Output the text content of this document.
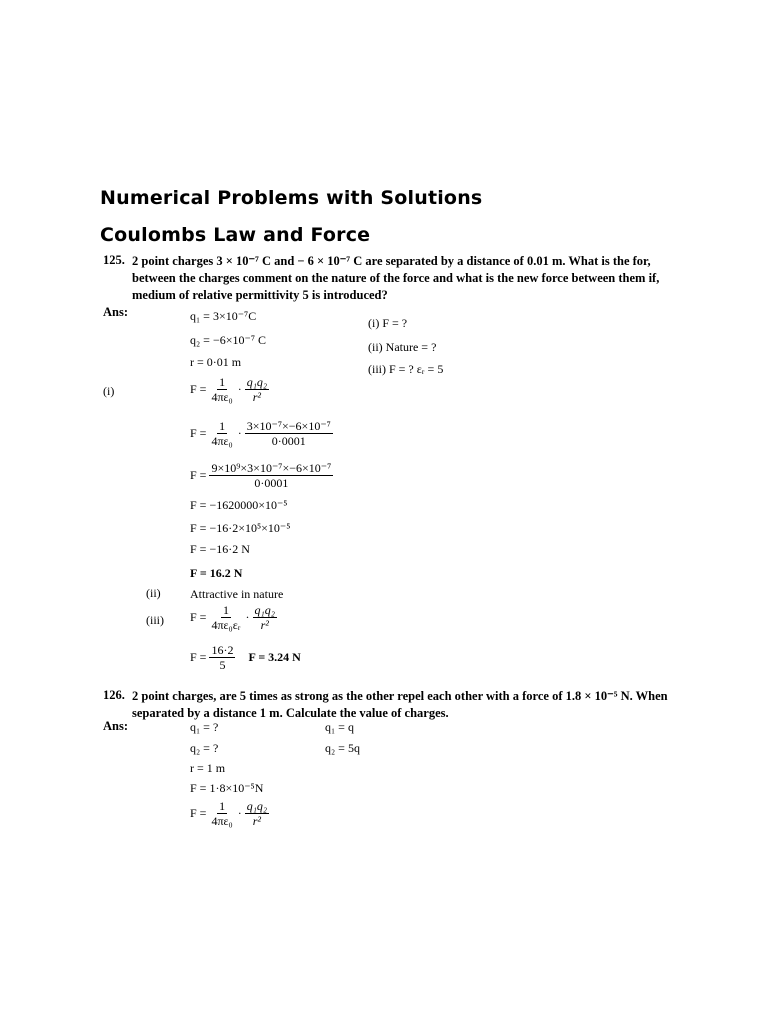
Numerical Problems with Solutions
Coulombs Law and Force
125. 2 point charges 3 × 10⁻⁷ C and − 6 × 10⁻⁷ C are separated by a distance of 0.01 m. What is the for,
between the charges comment on the nature of the force and what is the new force between them if,
medium of relative permittivity 5 is introduced?
Ans:	q₁ = 3×10⁻⁷C
q₂ = −6×10⁻⁷ C
r = 0·01 m
(i) F = ?
(ii) Nature = ?
(iii) F = ? εᵣ = 5
(i)	$F = \frac{1}{\text{4πε₀}} \cdot \frac{\text{q₁q₂}}{\text{r²}}$
$F = \frac{1}{\text{4πε₀}} \cdot \frac{\text{3×10⁻⁷×−6×10⁻⁷}}{0\cdot 0001}$
$F = \frac{\text{9×10⁹×3×10⁻⁷×−6×10⁻⁷}}{0\cdot 0001}$
F = −1620000×10⁻⁵
F = −16·2×10⁵×10⁻⁵
F = −16·2 N
F = 16.2 N
(ii) Attractive in nature
(iii) $F = \frac{1}{\text{4πε₀εᵣ}} \cdot \frac{\text{q₁q₂}}{\text{r²}}$
$F = \frac{16\cdot 2}{5}$ F = 3.24 N
126. 2 point charges, are 5 times as strong as the other repel each other with a force of 1.8 × 10⁻⁵ N. When
separated by a distance 1 m. Calculate the value of charges.
Ans:	q₁ = ?
q₂ = ?
r = 1 m
F = 1·8×10⁻⁵N
q₁ = q
q₂ = 5q
$F = \frac{1}{\text{4πε₀}} \cdot \frac{\text{q₁q₂}}{\text{r²}}$
